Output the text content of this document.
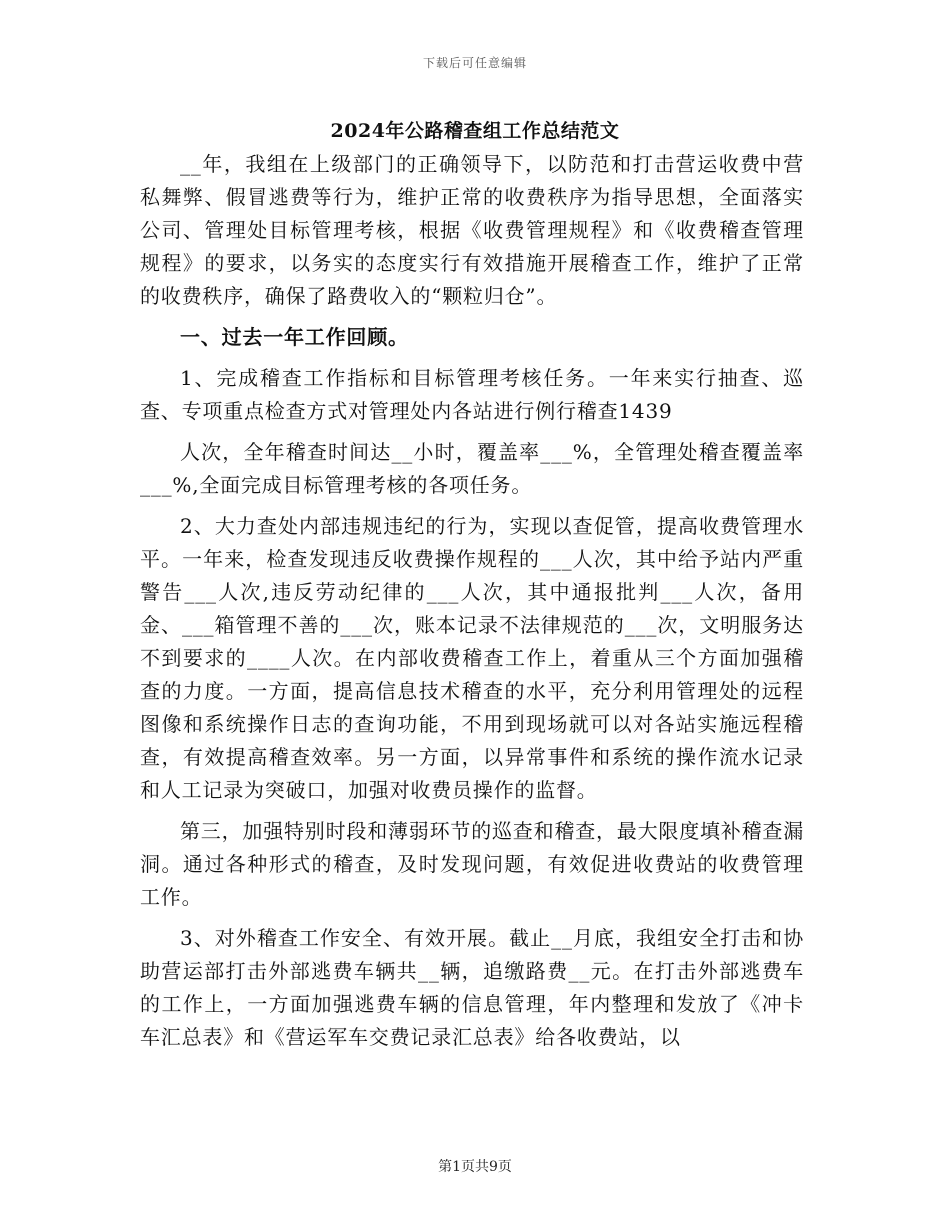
下载后可任意编辑
2024年公路稽查组工作总结范文

__年，我组在上级部门的正确领导下，以防范和打击营运收费中营私舞弊、假冒逃费等行为，维护正常的收费秩序为指导思想，全面落实公司、管理处目标管理考核，根据《收费管理规程》和《收费稽查管理规程》的要求，以务实的态度实行有效措施开展稽查工作，维护了正常的收费秩序，确保了路费收入的“颗粒归仓”。

一、过去一年工作回顾。

1、完成稽查工作指标和目标管理考核任务。一年来实行抽查、巡查、专项重点检查方式对管理处内各站进行例行稽查1439

人次，全年稽查时间达__小时，覆盖率___%，全管理处稽查覆盖率___%,全面完成目标管理考核的各项任务。

2、大力查处内部违规违纪的行为，实现以查促管，提高收费管理水平。一年来，检查发现违反收费操作规程的___人次，其中给予站内严重警告___人次,违反劳动纪律的___人次，其中通报批判___人次，备用金、___箱管理不善的___次，账本记录不法律规范的___次，文明服务达不到要求的____人次。在内部收费稽查工作上，着重从三个方面加强稽查的力度。一方面，提高信息技术稽查的水平，充分利用管理处的远程图像和系统操作日志的查询功能，不用到现场就可以对各站实施远程稽查，有效提高稽查效率。另一方面，以异常事件和系统的操作流水记录和人工记录为突破口，加强对收费员操作的监督。

第三，加强特别时段和薄弱环节的巡查和稽查，最大限度填补稽查漏洞。通过各种形式的稽查，及时发现问题，有效促进收费站的收费管理工作。

3、对外稽查工作安全、有效开展。截止__月底，我组安全打击和协助营运部打击外部逃费车辆共__辆，追缴路费__元。在打击外部逃费车的工作上，一方面加强逃费车辆的信息管理，年内整理和发放了《冲卡车汇总表》和《营运军车交费记录汇总表》给各收费站，以

第1页共9页
